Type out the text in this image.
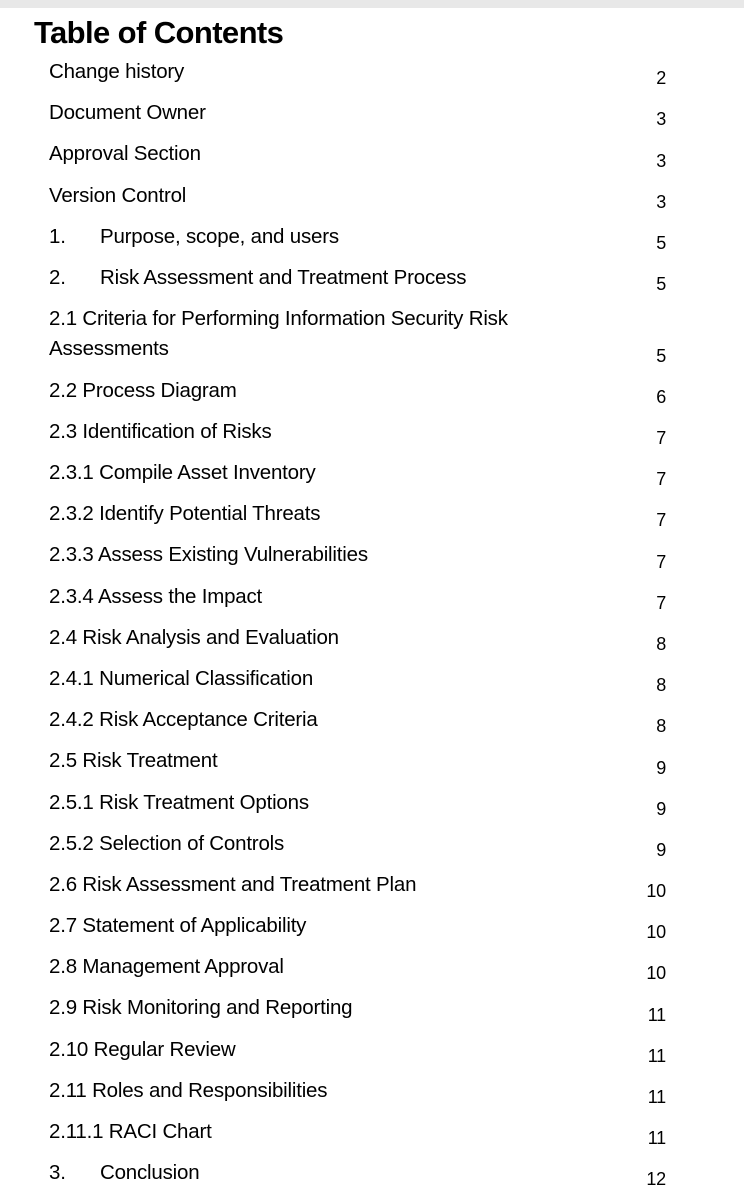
Table of Contents
Change history	2
Document Owner	3
Approval Section	3
Version Control	3
1. Purpose, scope, and users	5
2. Risk Assessment and Treatment Process	5
2.1 Criteria for Performing Information Security Risk Assessments	5
2.2 Process Diagram	6
2.3 Identification of Risks	7
2.3.1 Compile Asset Inventory	7
2.3.2 Identify Potential Threats	7
2.3.3 Assess Existing Vulnerabilities	7
2.3.4 Assess the Impact	7
2.4 Risk Analysis and Evaluation	8
2.4.1 Numerical Classification	8
2.4.2 Risk Acceptance Criteria	8
2.5 Risk Treatment	9
2.5.1 Risk Treatment Options	9
2.5.2 Selection of Controls	9
2.6 Risk Assessment and Treatment Plan	10
2.7 Statement of Applicability	10
2.8 Management Approval	10
2.9 Risk Monitoring and Reporting	11
2.10 Regular Review	11
2.11 Roles and Responsibilities	11
2.11.1 RACI Chart	11
3. Conclusion	12
